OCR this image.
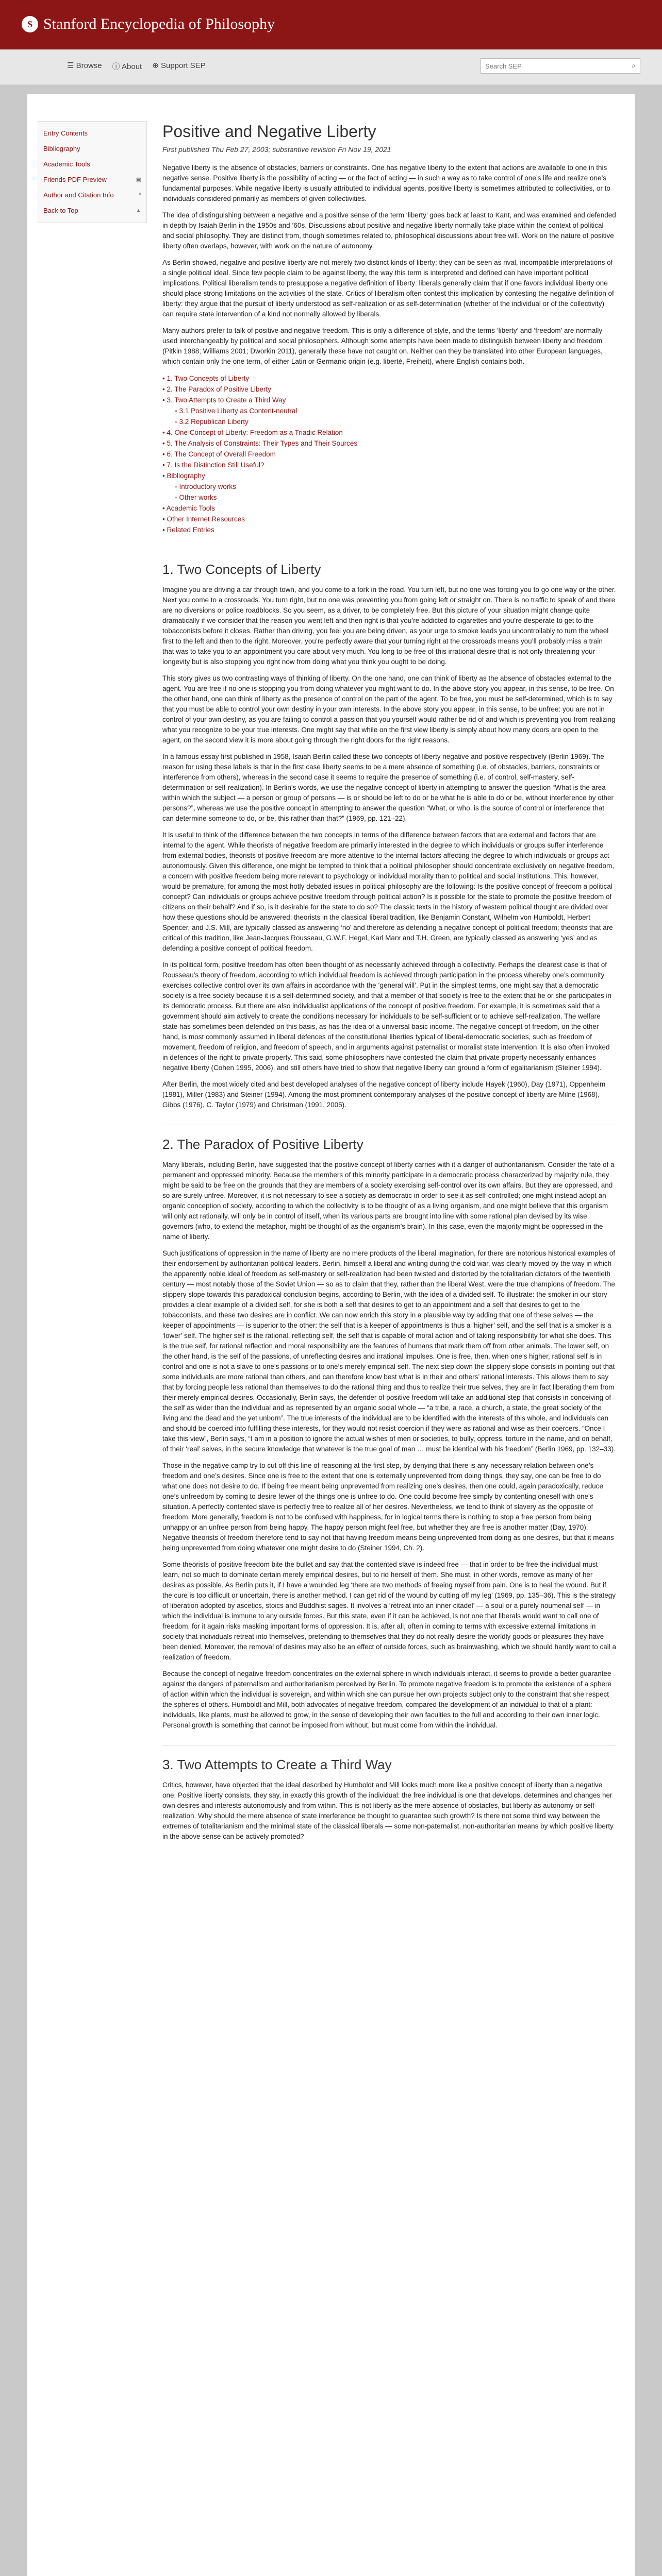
S Stanford Encyclopedia of Philosophy
☰ Browse ⓘ About ⊕ Support SEP
Search SEP	⌕
Entry Contents
Bibliography
Academic Tools
Friends PDF Preview	▣
Author and Citation Info	❝
Back to Top	▲
Positive and Negative Liberty
First published Thu Feb 27, 2003; substantive revision Fri Nov 19, 2021

Negative liberty is the absence of obstacles, barriers or constraints. One has negative liberty to the extent that actions are available to one in this negative sense. Positive liberty is the possibility of acting — or the fact of acting — in such a way as to take control of one’s life and realize one’s fundamental purposes. While negative liberty is usually attributed to individual agents, positive liberty is sometimes attributed to collectivities, or to individuals considered primarily as members of given collectivities.

The idea of distinguishing between a negative and a positive sense of the term ‘liberty’ goes back at least to Kant, and was examined and defended in depth by Isaiah Berlin in the 1950s and ’60s. Discussions about positive and negative liberty normally take place within the context of political and social philosophy. They are distinct from, though sometimes related to, philosophical discussions about free will. Work on the nature of positive liberty often overlaps, however, with work on the nature of autonomy.

As Berlin showed, negative and positive liberty are not merely two distinct kinds of liberty; they can be seen as rival, incompatible interpretations of a single political ideal. Since few people claim to be against liberty, the way this term is interpreted and defined can have important political implications. Political liberalism tends to presuppose a negative definition of liberty: liberals generally claim that if one favors individual liberty one should place strong limitations on the activities of the state. Critics of liberalism often contest this implication by contesting the negative definition of liberty: they argue that the pursuit of liberty understood as self-realization or as self-determination (whether of the individual or of the collectivity) can require state intervention of a kind not normally allowed by liberals.

Many authors prefer to talk of positive and negative freedom. This is only a difference of style, and the terms ‘liberty’ and ‘freedom’ are normally used interchangeably by political and social philosophers. Although some attempts have been made to distinguish between liberty and freedom (Pitkin 1988; Williams 2001; Dworkin 2011), generally these have not caught on. Neither can they be translated into other European languages, which contain only the one term, of either Latin or Germanic origin (e.g. liberté, Freiheit), where English contains both.

• 1. Two Concepts of Liberty
• 2. The Paradox of Positive Liberty
• 3. Two Attempts to Create a Third Way
◦ 3.1 Positive Liberty as Content-neutral
◦ 3.2 Republican Liberty
• 4. One Concept of Liberty: Freedom as a Triadic Relation
• 5. The Analysis of Constraints: Their Types and Their Sources
• 6. The Concept of Overall Freedom
• 7. Is the Distinction Still Useful?
• Bibliography
◦ Introductory works
◦ Other works
• Academic Tools
• Other Internet Resources
• Related Entries
1. Two Concepts of Liberty

Imagine you are driving a car through town, and you come to a fork in the road. You turn left, but no one was forcing you to go one way or the other. Next you come to a crossroads. You turn right, but no one was preventing you from going left or straight on. There is no traffic to speak of and there are no diversions or police roadblocks. So you seem, as a driver, to be completely free. But this picture of your situation might change quite dramatically if we consider that the reason you went left and then right is that you’re addicted to cigarettes and you’re desperate to get to the tobacconists before it closes. Rather than driving, you feel you are being driven, as your urge to smoke leads you uncontrollably to turn the wheel first to the left and then to the right. Moreover, you’re perfectly aware that your turning right at the crossroads means you’ll probably miss a train that was to take you to an appointment you care about very much. You long to be free of this irrational desire that is not only threatening your longevity but is also stopping you right now from doing what you think you ought to be doing.

This story gives us two contrasting ways of thinking of liberty. On the one hand, one can think of liberty as the absence of obstacles external to the agent. You are free if no one is stopping you from doing whatever you might want to do. In the above story you appear, in this sense, to be free. On the other hand, one can think of liberty as the presence of control on the part of the agent. To be free, you must be self-determined, which is to say that you must be able to control your own destiny in your own interests. In the above story you appear, in this sense, to be unfree: you are not in control of your own destiny, as you are failing to control a passion that you yourself would rather be rid of and which is preventing you from realizing what you recognize to be your true interests. One might say that while on the first view liberty is simply about how many doors are open to the agent, on the second view it is more about going through the right doors for the right reasons.

In a famous essay first published in 1958, Isaiah Berlin called these two concepts of liberty negative and positive respectively (Berlin 1969). The reason for using these labels is that in the first case liberty seems to be a mere absence of something (i.e. of obstacles, barriers, constraints or interference from others), whereas in the second case it seems to require the presence of something (i.e. of control, self-mastery, self-determination or self-realization). In Berlin’s words, we use the negative concept of liberty in attempting to answer the question “What is the area within which the subject — a person or group of persons — is or should be left to do or be what he is able to do or be, without interference by other persons?”, whereas we use the positive concept in attempting to answer the question “What, or who, is the source of control or interference that can determine someone to do, or be, this rather than that?” (1969, pp. 121–22).

It is useful to think of the difference between the two concepts in terms of the difference between factors that are external and factors that are internal to the agent. While theorists of negative freedom are primarily interested in the degree to which individuals or groups suffer interference from external bodies, theorists of positive freedom are more attentive to the internal factors affecting the degree to which individuals or groups act autonomously. Given this difference, one might be tempted to think that a political philosopher should concentrate exclusively on negative freedom, a concern with positive freedom being more relevant to psychology or individual morality than to political and social institutions. This, however, would be premature, for among the most hotly debated issues in political philosophy are the following: Is the positive concept of freedom a political concept? Can individuals or groups achieve positive freedom through political action? Is it possible for the state to promote the positive freedom of citizens on their behalf? And if so, is it desirable for the state to do so? The classic texts in the history of western political thought are divided over how these questions should be answered: theorists in the classical liberal tradition, like Benjamin Constant, Wilhelm von Humboldt, Herbert Spencer, and J.S. Mill, are typically classed as answering ‘no’ and therefore as defending a negative concept of political freedom; theorists that are critical of this tradition, like Jean-Jacques Rousseau, G.W.F. Hegel, Karl Marx and T.H. Green, are typically classed as answering ‘yes’ and as defending a positive concept of political freedom.

In its political form, positive freedom has often been thought of as necessarily achieved through a collectivity. Perhaps the clearest case is that of Rousseau’s theory of freedom, according to which individual freedom is achieved through participation in the process whereby one’s community exercises collective control over its own affairs in accordance with the ‘general will’. Put in the simplest terms, one might say that a democratic society is a free society because it is a self-determined society, and that a member of that society is free to the extent that he or she participates in its democratic process. But there are also individualist applications of the concept of positive freedom. For example, it is sometimes said that a government should aim actively to create the conditions necessary for individuals to be self-sufficient or to achieve self-realization. The welfare state has sometimes been defended on this basis, as has the idea of a universal basic income. The negative concept of freedom, on the other hand, is most commonly assumed in liberal defences of the constitutional liberties typical of liberal-democratic societies, such as freedom of movement, freedom of religion, and freedom of speech, and in arguments against paternalist or moralist state intervention. It is also often invoked in defences of the right to private property. This said, some philosophers have contested the claim that private property necessarily enhances negative liberty (Cohen 1995, 2006), and still others have tried to show that negative liberty can ground a form of egalitarianism (Steiner 1994).

After Berlin, the most widely cited and best developed analyses of the negative concept of liberty include Hayek (1960), Day (1971), Oppenheim (1981), Miller (1983) and Steiner (1994). Among the most prominent contemporary analyses of the positive concept of liberty are Milne (1968), Gibbs (1976), C. Taylor (1979) and Christman (1991, 2005).

2. The Paradox of Positive Liberty

Many liberals, including Berlin, have suggested that the positive concept of liberty carries with it a danger of authoritarianism. Consider the fate of a permanent and oppressed minority. Because the members of this minority participate in a democratic process characterized by majority rule, they might be said to be free on the grounds that they are members of a society exercising self-control over its own affairs. But they are oppressed, and so are surely unfree. Moreover, it is not necessary to see a society as democratic in order to see it as self-controlled; one might instead adopt an organic conception of society, according to which the collectivity is to be thought of as a living organism, and one might believe that this organism will only act rationally, will only be in control of itself, when its various parts are brought into line with some rational plan devised by its wise governors (who, to extend the metaphor, might be thought of as the organism’s brain). In this case, even the majority might be oppressed in the name of liberty.

Such justifications of oppression in the name of liberty are no mere products of the liberal imagination, for there are notorious historical examples of their endorsement by authoritarian political leaders. Berlin, himself a liberal and writing during the cold war, was clearly moved by the way in which the apparently noble ideal of freedom as self-mastery or self-realization had been twisted and distorted by the totalitarian dictators of the twentieth century — most notably those of the Soviet Union — so as to claim that they, rather than the liberal West, were the true champions of freedom. The slippery slope towards this paradoxical conclusion begins, according to Berlin, with the idea of a divided self. To illustrate: the smoker in our story provides a clear example of a divided self, for she is both a self that desires to get to an appointment and a self that desires to get to the tobacconists, and these two desires are in conflict. We can now enrich this story in a plausible way by adding that one of these selves — the keeper of appointments — is superior to the other: the self that is a keeper of appointments is thus a ‘higher’ self, and the self that is a smoker is a ‘lower’ self. The higher self is the rational, reflecting self, the self that is capable of moral action and of taking responsibility for what she does. This is the true self, for rational reflection and moral responsibility are the features of humans that mark them off from other animals. The lower self, on the other hand, is the self of the passions, of unreflecting desires and irrational impulses. One is free, then, when one’s higher, rational self is in control and one is not a slave to one’s passions or to one’s merely empirical self. The next step down the slippery slope consists in pointing out that some individuals are more rational than others, and can therefore know best what is in their and others’ rational interests. This allows them to say that by forcing people less rational than themselves to do the rational thing and thus to realize their true selves, they are in fact liberating them from their merely empirical desires. Occasionally, Berlin says, the defender of positive freedom will take an additional step that consists in conceiving of the self as wider than the individual and as represented by an organic social whole — “a tribe, a race, a church, a state, the great society of the living and the dead and the yet unborn”. The true interests of the individual are to be identified with the interests of this whole, and individuals can and should be coerced into fulfilling these interests, for they would not resist coercion if they were as rational and wise as their coercers. “Once I take this view”, Berlin says, “I am in a position to ignore the actual wishes of men or societies, to bully, oppress, torture in the name, and on behalf, of their ‘real’ selves, in the secure knowledge that whatever is the true goal of man … must be identical with his freedom” (Berlin 1969, pp. 132–33).

Those in the negative camp try to cut off this line of reasoning at the first step, by denying that there is any necessary relation between one’s freedom and one’s desires. Since one is free to the extent that one is externally unprevented from doing things, they say, one can be free to do what one does not desire to do. If being free meant being unprevented from realizing one’s desires, then one could, again paradoxically, reduce one’s unfreedom by coming to desire fewer of the things one is unfree to do. One could become free simply by contenting oneself with one’s situation. A perfectly contented slave is perfectly free to realize all of her desires. Nevertheless, we tend to think of slavery as the opposite of freedom. More generally, freedom is not to be confused with happiness, for in logical terms there is nothing to stop a free person from being unhappy or an unfree person from being happy. The happy person might feel free, but whether they are free is another matter (Day, 1970). Negative theorists of freedom therefore tend to say not that having freedom means being unprevented from doing as one desires, but that it means being unprevented from doing whatever one might desire to do (Steiner 1994, Ch. 2).

Some theorists of positive freedom bite the bullet and say that the contented slave is indeed free — that in order to be free the individual must learn, not so much to dominate certain merely empirical desires, but to rid herself of them. She must, in other words, remove as many of her desires as possible. As Berlin puts it, if I have a wounded leg ‘there are two methods of freeing myself from pain. One is to heal the wound. But if the cure is too difficult or uncertain, there is another method. I can get rid of the wound by cutting off my leg’ (1969, pp. 135–36). This is the strategy of liberation adopted by ascetics, stoics and Buddhist sages. It involves a ‘retreat into an inner citadel’ — a soul or a purely noumenal self — in which the individual is immune to any outside forces. But this state, even if it can be achieved, is not one that liberals would want to call one of freedom, for it again risks masking important forms of oppression. It is, after all, often in coming to terms with excessive external limitations in society that individuals retreat into themselves, pretending to themselves that they do not really desire the worldly goods or pleasures they have been denied. Moreover, the removal of desires may also be an effect of outside forces, such as brainwashing, which we should hardly want to call a realization of freedom.

Because the concept of negative freedom concentrates on the external sphere in which individuals interact, it seems to provide a better guarantee against the dangers of paternalism and authoritarianism perceived by Berlin. To promote negative freedom is to promote the existence of a sphere of action within which the individual is sovereign, and within which she can pursue her own projects subject only to the constraint that she respect the spheres of others. Humboldt and Mill, both advocates of negative freedom, compared the development of an individual to that of a plant: individuals, like plants, must be allowed to grow, in the sense of developing their own faculties to the full and according to their own inner logic. Personal growth is something that cannot be imposed from without, but must come from within the individual.

3. Two Attempts to Create a Third Way

Critics, however, have objected that the ideal described by Humboldt and Mill looks much more like a positive concept of liberty than a negative one. Positive liberty consists, they say, in exactly this growth of the individual: the free individual is one that develops, determines and changes her own desires and interests autonomously and from within. This is not liberty as the mere absence of obstacles, but liberty as autonomy or self-realization. Why should the mere absence of state interference be thought to guarantee such growth? Is there not some third way between the extremes of totalitarianism and the minimal state of the classical liberals — some non-paternalist, non-authoritarian means by which positive liberty in the above sense can be actively promoted?
